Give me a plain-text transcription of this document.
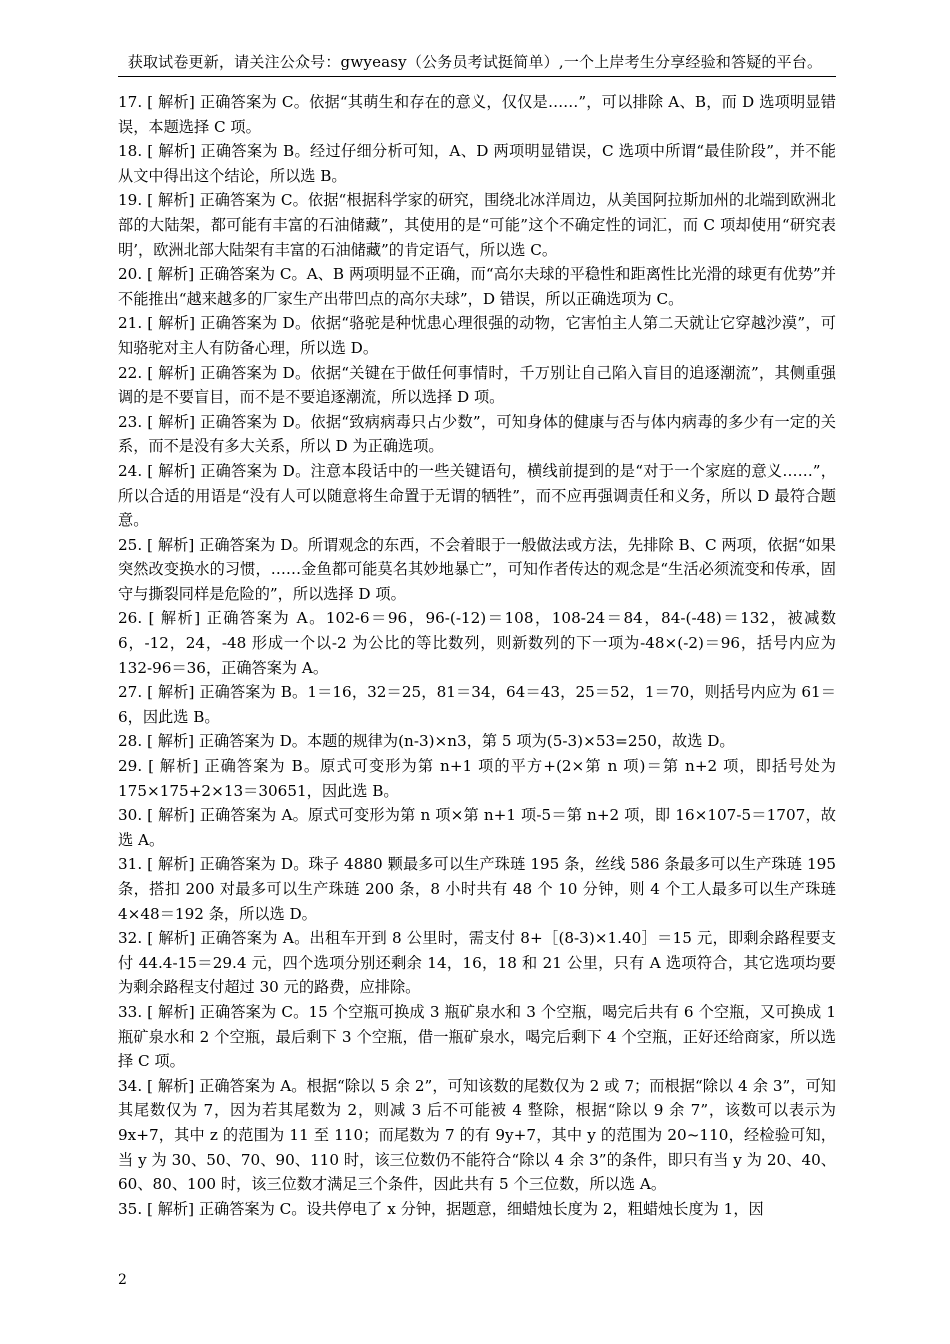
获取试卷更新，请关注公众号：gwyeasy（公务员考试挺简单）,一个上岸考生分享经验和答疑的平台。

17. [ 解析] 正确答案为 C。依据“其萌生和存在的意义，仅仅是……”，可以排除 A、B，而 D 选项明显错误，本题选择 C 项。

18. [ 解析] 正确答案为 B。经过仔细分析可知，A、D 两项明显错误，C 选项中所谓“最佳阶段”，并不能从文中得出这个结论，所以选 B。

19. [ 解析] 正确答案为 C。依据“根据科学家的研究，围绕北冰洋周边，从美国阿拉斯加州的北端到欧洲北部的大陆架，都可能有丰富的石油储藏”，其使用的是“可能”这个不确定性的词汇，而 C 项却使用“研究表明’，欧洲北部大陆架有丰富的石油储藏”的肯定语气，所以选 C。

20. [ 解析] 正确答案为 C。A、B 两项明显不正确，而“高尔夫球的平稳性和距离性比光滑的球更有优势”并不能推出“越来越多的厂家生产出带凹点的高尔夫球”，D 错误，所以正确选项为 C。

21. [ 解析] 正确答案为 D。依据“骆驼是种忧患心理很强的动物，它害怕主人第二天就让它穿越沙漠”，可知骆驼对主人有防备心理，所以选 D。

22. [ 解析] 正确答案为 D。依据“关键在于做任何事情时，千万别让自己陷入盲目的追逐潮流”，其侧重强调的是不要盲目，而不是不要追逐潮流，所以选择 D 项。

23. [ 解析] 正确答案为 D。依据“致病病毒只占少数”，可知身体的健康与否与体内病毒的多少有一定的关系，而不是没有多大关系，所以 D 为正确选项。

24. [ 解析] 正确答案为 D。注意本段话中的一些关键语句，横线前提到的是“对于一个家庭的意义……”，所以合适的用语是“没有人可以随意将生命置于无谓的牺牲”，而不应再强调责任和义务，所以 D 最符合题意。

25. [ 解析] 正确答案为 D。所谓观念的东西，不会着眼于一般做法或方法，先排除 B、C 两项，依据“如果突然改变换水的习惯，……金鱼都可能莫名其妙地暴亡”，可知作者传达的观念是“生活必须流变和传承，固守与撕裂同样是危险的”，所以选择 D 项。

26. [ 解析] 正确答案为 A。102-6＝96，96-(-12)＝108，108-24＝84，84-(-48)＝132，被减数 6，-12，24，-48 形成一个以-2 为公比的等比数列，则新数列的下一项为-48×(-2)＝96，括号内应为 132-96＝36，正确答案为 A。

27. [ 解析] 正确答案为 B。1＝16，32＝25，81＝34，64＝43，25＝52，1＝70，则括号内应为 61＝6，因此选 B。

28. [ 解析] 正确答案为 D。本题的规律为(n-3)×n3，第 5 项为(5-3)×53=250，故选 D。

29. [ 解析] 正确答案为 B。原式可变形为第 n+1 项的平方+(2×第 n 项)＝第 n+2 项，即括号处为 175×175+2×13＝30651，因此选 B。

30. [ 解析] 正确答案为 A。原式可变形为第 n 项×第 n+1 项-5＝第 n+2 项，即 16×107-5＝1707，故选 A。

31. [ 解析] 正确答案为 D。珠子 4880 颗最多可以生产珠琏 195 条，丝线 586 条最多可以生产珠琏 195 条，搭扣 200 对最多可以生产珠琏 200 条，8 小时共有 48 个 10 分钟，则 4 个工人最多可以生产珠琏 4×48＝192 条，所以选 D。

32. [ 解析] 正确答案为 A。出租车开到 8 公里时，需支付 8+［(8-3)×1.40］＝15 元，即剩余路程要支付 44.4-15＝29.4 元，四个选项分别还剩余 14，16，18 和 21 公里，只有 A 选项符合，其它选项均要为剩余路程支付超过 30 元的路费，应排除。

33. [ 解析] 正确答案为 C。15 个空瓶可换成 3 瓶矿泉水和 3 个空瓶，喝完后共有 6 个空瓶，又可换成 1 瓶矿泉水和 2 个空瓶，最后剩下 3 个空瓶，借一瓶矿泉水，喝完后剩下 4 个空瓶，正好还给商家，所以选择 C 项。

34. [ 解析] 正确答案为 A。根据“除以 5 余 2”，可知该数的尾数仅为 2 或 7；而根据“除以 4 余 3”，可知其尾数仅为 7，因为若其尾数为 2，则减 3 后不可能被 4 整除，根据“除以 9 余 7”，该数可以表示为 9x+7，其中 z 的范围为 11 至 110；而尾数为 7 的有 9y+7，其中 y 的范围为 20~110，经检验可知，当 y 为 30、50、70、90、110 时，该三位数仍不能符合“除以 4 余 3”的条件，即只有当 y 为 20、40、60、80、100 时，该三位数才满足三个条件，因此共有 5 个三位数，所以选 A。

35. [ 解析] 正确答案为 C。设共停电了 x 分钟，据题意，细蜡烛长度为 2，粗蜡烛长度为 1，因

2
